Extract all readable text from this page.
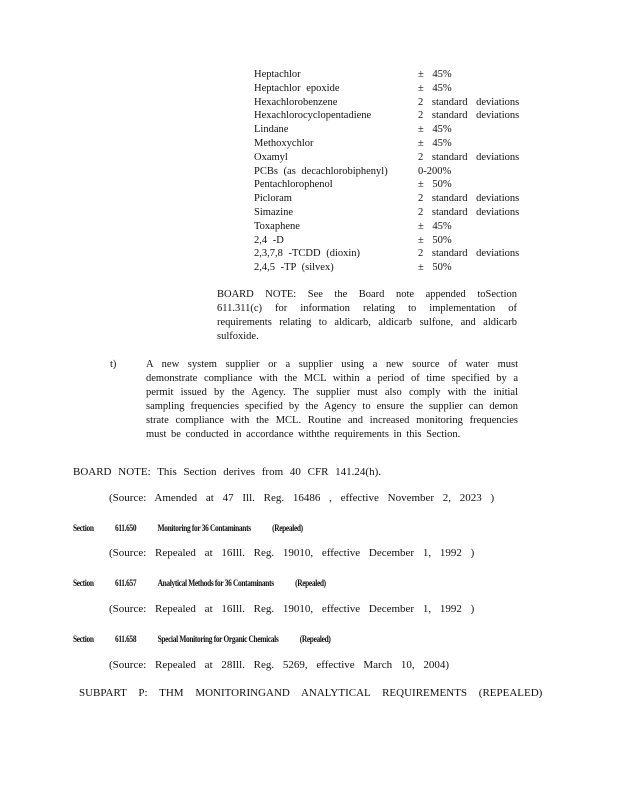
Heptachlor	± 45%
Heptachlor epoxide	± 45%
Hexachlorobenzene	2 standard deviations
Hexachlorocyclopentadiene	2 standard deviations
Lindane	± 45%
Methoxychlor	± 45%
Oxamyl	2 standard deviations
PCBs (as decachlorobiphenyl)	0-200%
Pentachlorophenol	± 50%
Picloram	2 standard deviations
Simazine	2 standard deviations
Toxaphene	± 45%
2,4 -D	± 50%
2,3,7,8 -TCDD (dioxin)	2 standard deviations
2,4,5 -TP (silvex)	± 50%
BOARD NOTE: See the Board note appended toSection 611.311(c) for information relating to implementation of requirements relating to aldicarb, aldicarb sulfone, and aldicarb sulfoxide.
t)	A new system supplier or a supplier using a new source of water must demonstrate compliance with the MCL within a period of time specified by a permit issued by the Agency. The supplier must also comply with the initial sampling frequencies specified by the Agency to ensure the supplier can demon strate compliance with the MCL. Routine and increased monitoring frequencies must be conducted in accordance withthe requirements in this Section.
BOARD NOTE: This Section derives from 40 CFR 141.24(h).
(Source: Amended at 47 Ill. Reg. 16486 , effective November 2, 2023 )
Section 611.650 Monitoring for 36 Contaminants (Repealed)
(Source: Repealed at 16Ill. Reg. 19010, effective December 1, 1992 )
Section 611.657 Analytical Methods for 36 Contaminants (Repealed)
(Source: Repealed at 16Ill. Reg. 19010, effective December 1, 1992 )
Section 611.658 Special Monitoring for Organic Chemicals (Repealed)
(Source: Repealed at 28Ill. Reg. 5269, effective March 10, 2004)
SUBPART P: THM MONITORINGAND ANALYTICAL REQUIREMENTS (REPEALED)
